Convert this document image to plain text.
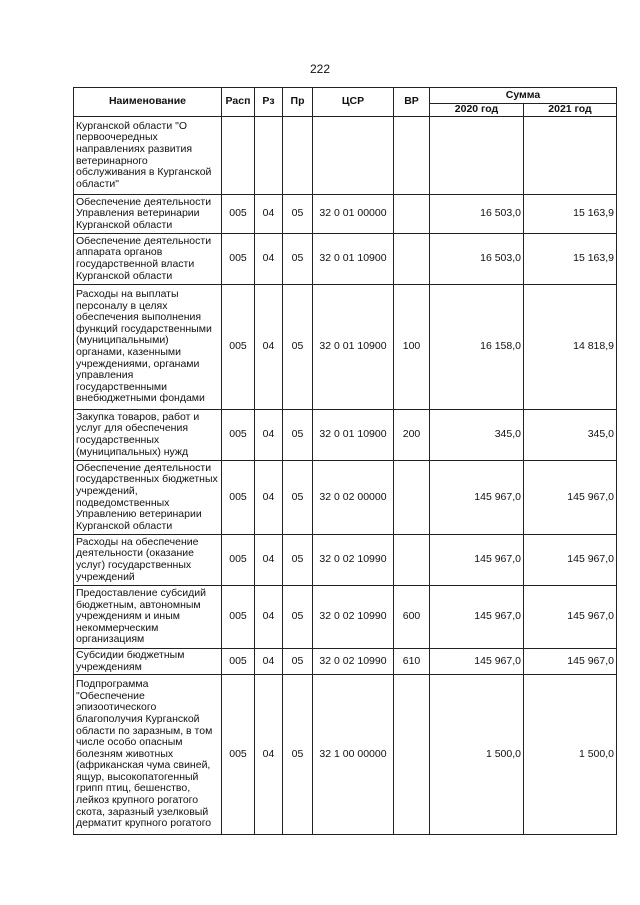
222
Наименование	Расп	Рз	Пр	ЦСР	ВР	Сумма	
						2020 год	2021 год
Курганской области "О первоочередных направлениях развития ветеринарного обслуживания в Курганской области"							
Обеспечение деятельности Управления ветеринарии Курганской области	005	04	05	32 0 01 00000		16 503,0	15 163,9
Обеспечение деятельности аппарата органов государственной власти Курганской области	005	04	05	32 0 01 10900		16 503,0	15 163,9
Расходы на выплаты персоналу в целях обеспечения выполнения функций государственными (муниципальными) органами, казенными учреждениями, органами управления государственными внебюджетными фондами	005	04	05	32 0 01 10900	100	16 158,0	14 818,9
Закупка товаров, работ и услуг для обеспечения государственных (муниципальных) нужд	005	04	05	32 0 01 10900	200	345,0	345,0
Обеспечение деятельности государственных бюджетных учреждений, подведомственных Управлению ветеринарии Курганской области	005	04	05	32 0 02 00000		145 967,0	145 967,0
Расходы на обеспечение деятельности (оказание услуг) государственных учреждений	005	04	05	32 0 02 10990		145 967,0	145 967,0
Предоставление субсидий бюджетным, автономным учреждениям и иным некоммерческим организациям	005	04	05	32 0 02 10990	600	145 967,0	145 967,0
Субсидии бюджетным учреждениям	005	04	05	32 0 02 10990	610	145 967,0	145 967,0
Подпрограмма "Обеспечение эпизоотического благополучия Курганской области по заразным, в том числе особо опасным болезням животных (африканская чума свиней, ящур, высокопатогенный грипп птиц, бешенство, лейкоз крупного рогатого скота, заразный узелковый дерматит крупного рогатого	005	04	05	32 1 00 00000		1 500,0	1 500,0
